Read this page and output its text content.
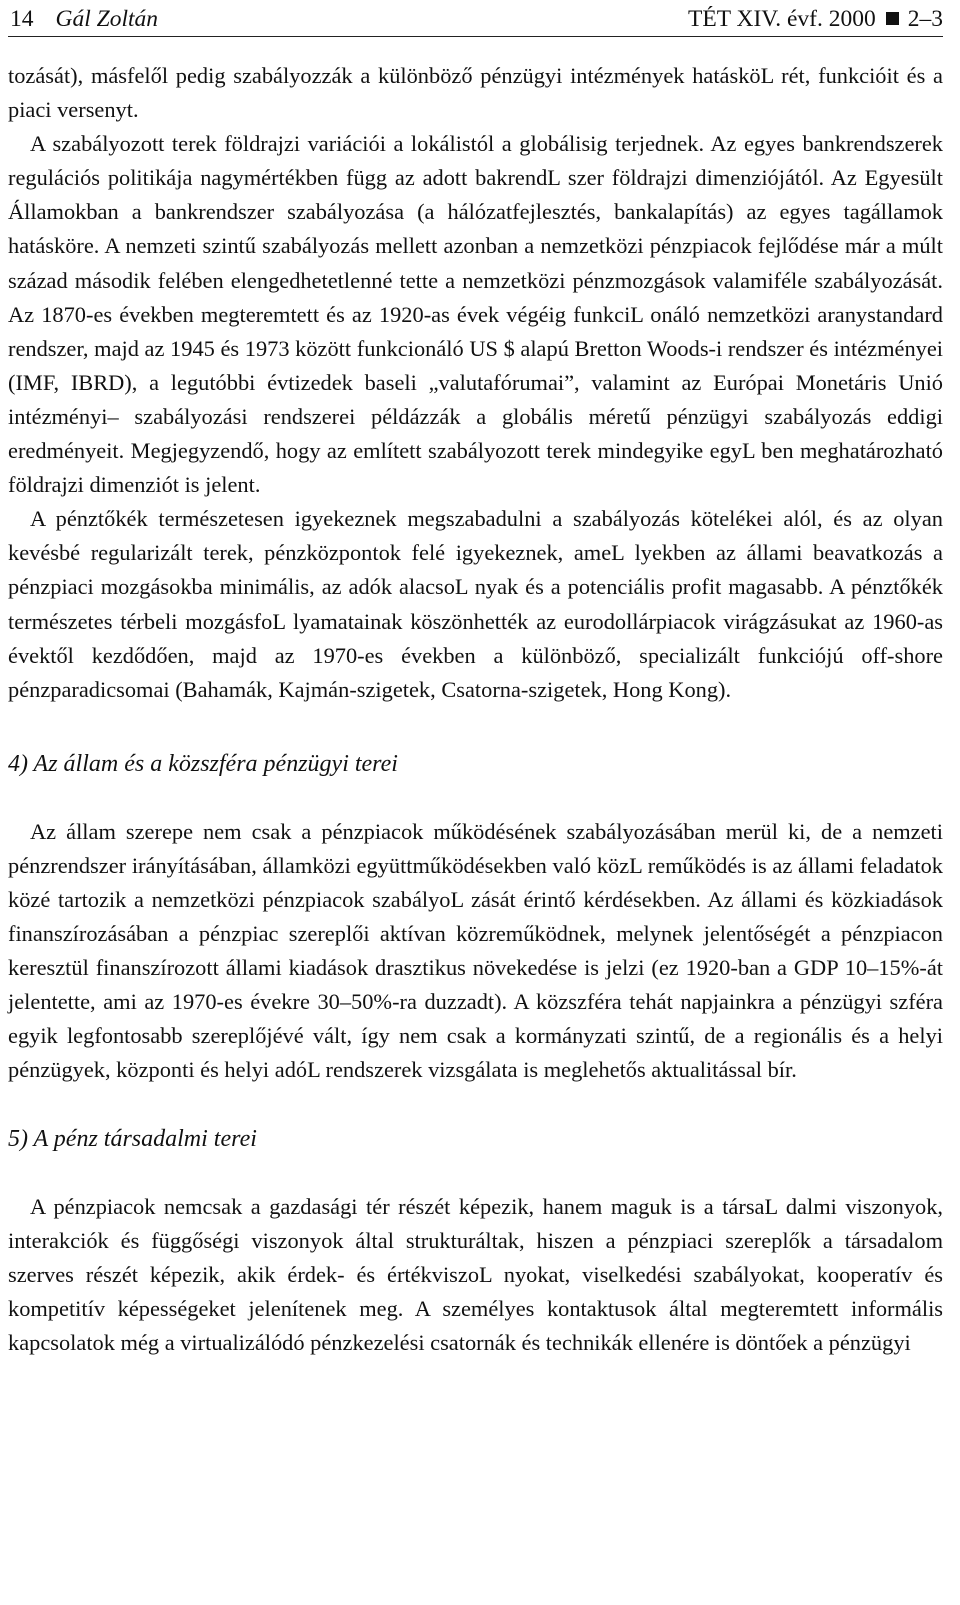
14 Gál Zoltán	TÉT XIV. évf. 2000 2–3

tozását), másfelől pedig szabályozzák a különböző pénzügyi intézmények hatásköL rét, funkcióit és a piaci versenyt.

A szabályozott terek földrajzi variációi a lokálistól a globálisig terjednek. Az egyes bankrendszerek regulációs politikája nagymértékben függ az adott bakrendL szer földrajzi dimenziójától. Az Egyesült Államokban a bankrendszer szabályozása (a hálózatfejlesztés, bankalapítás) az egyes tagállamok hatásköre. A nemzeti szintű szabályozás mellett azonban a nemzetközi pénzpiacok fejlődése már a múlt század második felében elengedhetetlenné tette a nemzetközi pénzmozgások valamiféle szabályozását. Az 1870-es években megteremtett és az 1920-as évek végéig funkciL onáló nemzetközi aranystandard rendszer, majd az 1945 és 1973 között funkcionáló US $ alapú Bretton Woods-i rendszer és intézményei (IMF, IBRD), a legutóbbi évtizedek baseli „valutafórumai”, valamint az Európai Monetáris Unió intézményi– szabályozási rendszerei példázzák a globális méretű pénzügyi szabályozás eddigi eredményeit. Megjegyzendő, hogy az említett szabályozott terek mindegyike egyL ben meghatározható földrajzi dimenziót is jelent.

A pénztőkék természetesen igyekeznek megszabadulni a szabályozás kötelékei alól, és az olyan kevésbé regularizált terek, pénzközpontok felé igyekeznek, ameL lyekben az állami beavatkozás a pénzpiaci mozgásokba minimális, az adók alacsoL nyak és a potenciális profit magasabb. A pénztőkék természetes térbeli mozgásfoL lyamatainak köszönhették az eurodollárpiacok virágzásukat az 1960-as évektől kezdődően, majd az 1970-es években a különböző, specializált funkciójú off-shore pénzparadicsomai (Bahamák, Kajmán-szigetek, Csatorna-szigetek, Hong Kong).

4) Az állam és a közszféra pénzügyi terei

Az állam szerepe nem csak a pénzpiacok működésének szabályozásában merül ki, de a nemzeti pénzrendszer irányításában, államközi együttműködésekben való közL reműködés is az állami feladatok közé tartozik a nemzetközi pénzpiacok szabályoL zását érintő kérdésekben. Az állami és közkiadások finanszírozásában a pénzpiac szereplői aktívan közreműködnek, melynek jelentőségét a pénzpiacon keresztül finanszírozott állami kiadások drasztikus növekedése is jelzi (ez 1920-ban a GDP 10–15%-át jelentette, ami az 1970-es évekre 30–50%-ra duzzadt). A közszféra tehát napjainkra a pénzügyi szféra egyik legfontosabb szereplőjévé vált, így nem csak a kormányzati szintű, de a regionális és a helyi pénzügyek, központi és helyi adóL rendszerek vizsgálata is meglehetős aktualitással bír.

5) A pénz társadalmi terei

A pénzpiacok nemcsak a gazdasági tér részét képezik, hanem maguk is a társaL dalmi viszonyok, interakciók és függőségi viszonyok által strukturáltak, hiszen a pénzpiaci szereplők a társadalom szerves részét képezik, akik érdek- és értékviszoL nyokat, viselkedési szabályokat, kooperatív és kompetitív képességeket jelenítenek meg. A személyes kontaktusok által megteremtett informális kapcsolatok még a virtualizálódó pénzkezelési csatornák és technikák ellenére is döntőek a pénzügyi
